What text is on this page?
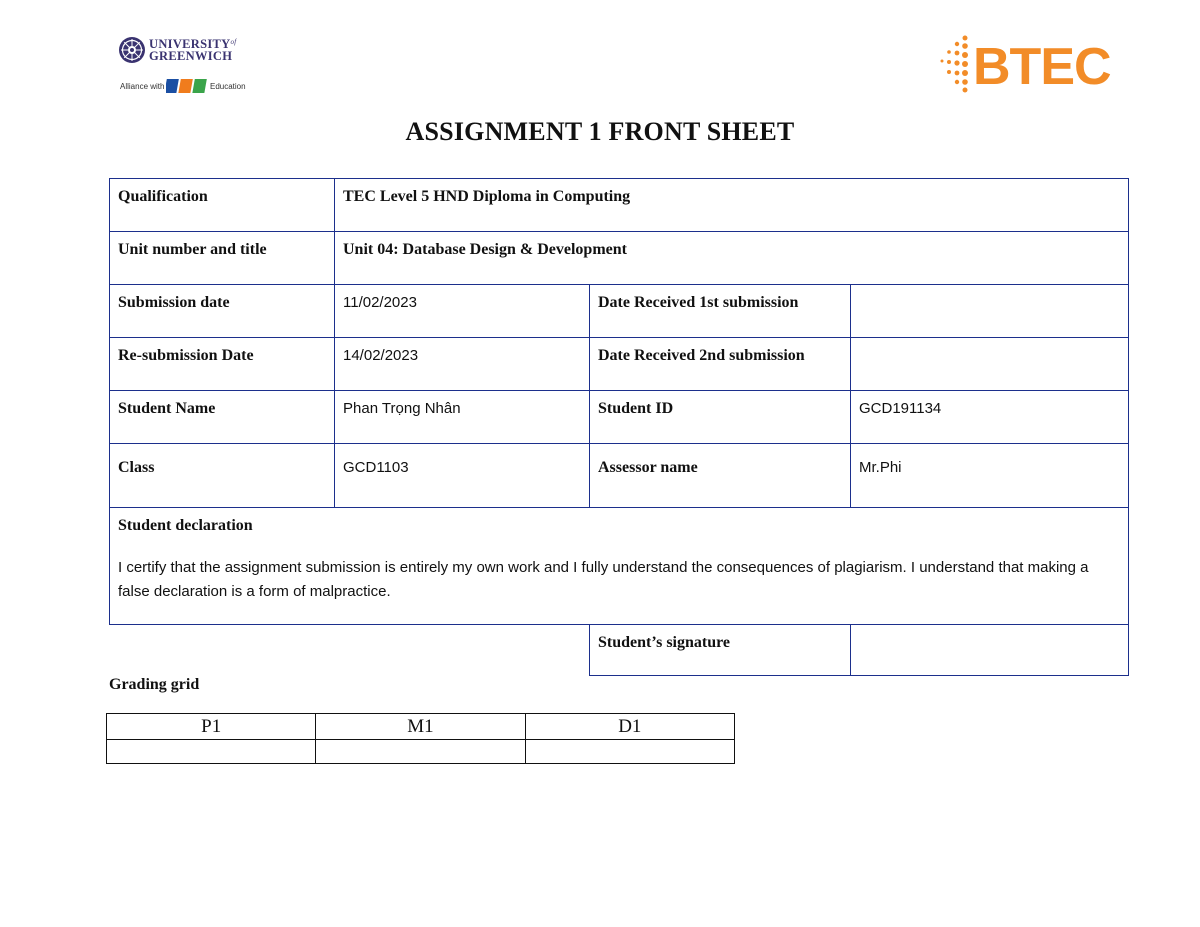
$UNIVERSITY^{of}$
GREENWICH
Alliance with	Education	BTEC
ASSIGNMENT 1 FRONT SHEET
Qualification	TEC Level 5 HND Diploma in Computing		
Unit number and title	Unit 04: Database Design & Development		
Submission date	11/02/2023	Date Received 1st submission	
Re-submission Date	14/02/2023	Date Received 2nd submission	
Student Name	Phan Trọng Nhân	Student ID	GCD191134
Class	GCD1103	Assessor name	Mr.Phi

Student declaration
I certify that the assignment submission is entirely my own work and I fully understand the consequences of plagiarism. I understand that making a false declaration is a form of malpractice.			

		Student’s signature	
Grading grid
P1	M1	D1
